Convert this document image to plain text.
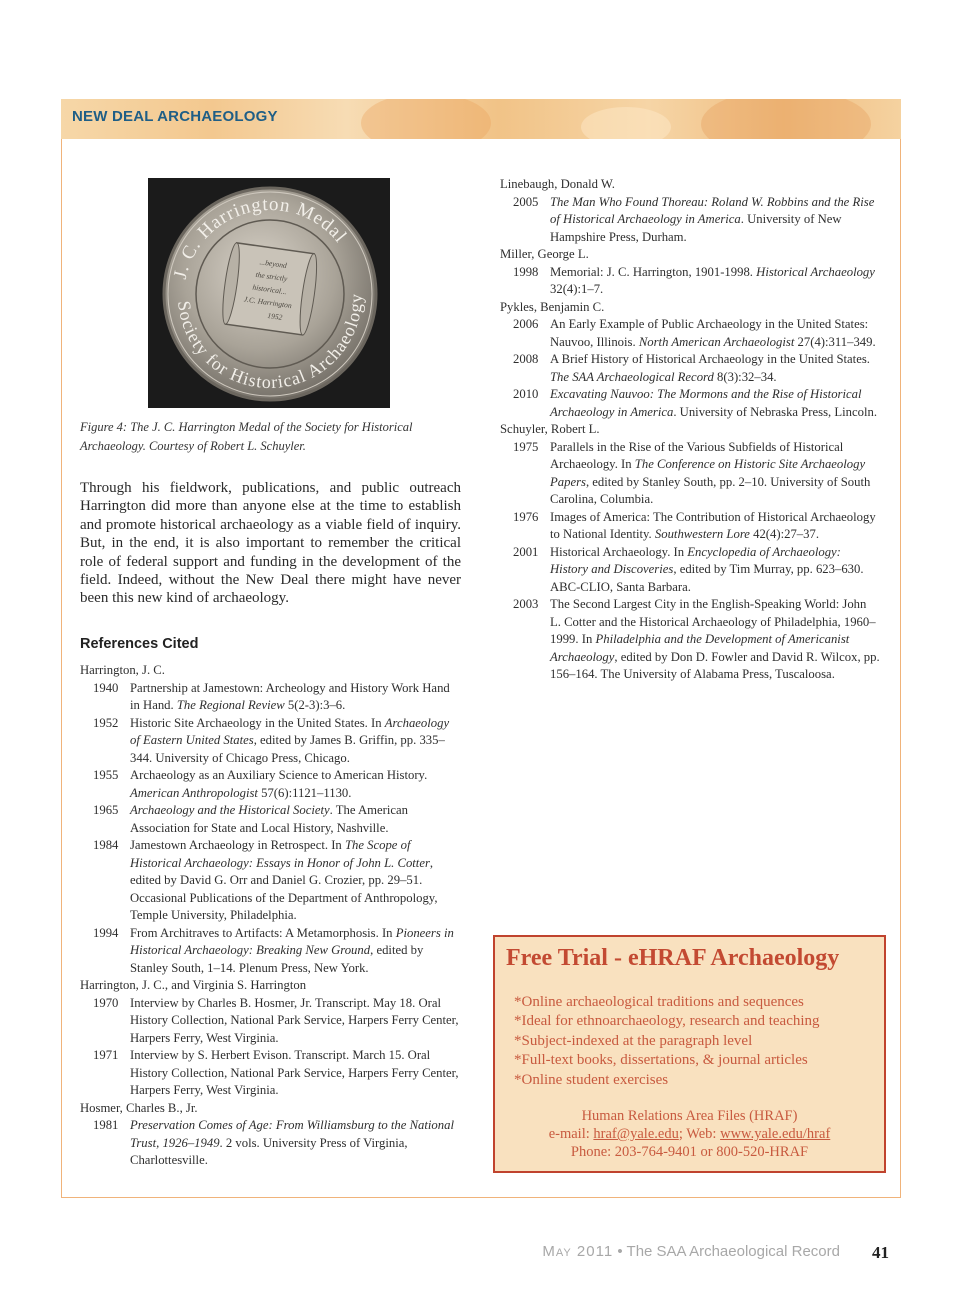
NEW DEAL ARCHAEOLOGY
J. C. Harrington Medal
Society for Historical Archaeology
...beyond
the strictly
historical...
J.C. Harrington
1952
Figure 4: The J. C. Harrington Medal of the Society for Historical Archaeology. Courtesy of Robert L. Schuyler.
Through his fieldwork, publications, and public outreach Harrington did more than anyone else at the time to establish and promote historical archaeology as a viable field of inquiry. But, in the end, it is also important to remember the critical role of federal support and funding in the development of the field. Indeed, without the New Deal there might have never been this new kind of archaeology.
References Cited
Harrington, J. C.
1940 Partnership at Jamestown: Archeology and History Work Hand in Hand. The Regional Review 5(2-3):3–6.
1952 Historic Site Archaeology in the United States. In Archaeology of Eastern United States, edited by James B. Griffin, pp. 335–344. University of Chicago Press, Chicago.
1955 Archaeology as an Auxiliary Science to American History. American Anthropologist 57(6):1121–1130.
1965 Archaeology and the Historical Society. The American Association for State and Local History, Nashville.
1984 Jamestown Archaeology in Retrospect. In The Scope of Historical Archaeology: Essays in Honor of John L. Cotter, edited by David G. Orr and Daniel G. Crozier, pp. 29–51. Occasional Publications of the Department of Anthropology, Temple University, Philadelphia.
1994 From Architraves to Artifacts: A Metamorphosis. In Pioneers in Historical Archaeology: Breaking New Ground, edited by Stanley South, 1–14. Plenum Press, New York.
Harrington, J. C., and Virginia S. Harrington
1970 Interview by Charles B. Hosmer, Jr. Transcript. May 18. Oral History Collection, National Park Service, Harpers Ferry Center, Harpers Ferry, West Virginia.
1971 Interview by S. Herbert Evison. Transcript. March 15. Oral History Collection, National Park Service, Harpers Ferry Center, Harpers Ferry, West Virginia.
Hosmer, Charles B., Jr.
1981 Preservation Comes of Age: From Williamsburg to the National Trust, 1926–1949. 2 vols. University Press of Virginia, Charlottesville.
Linebaugh, Donald W.
2005 The Man Who Found Thoreau: Roland W. Robbins and the Rise of Historical Archaeology in America. University of New Hampshire Press, Durham.
Miller, George L.
1998 Memorial: J. C. Harrington, 1901-1998. Historical Archaeology 32(4):1–7.
Pykles, Benjamin C.
2006 An Early Example of Public Archaeology in the United States: Nauvoo, Illinois. North American Archaeologist 27(4):311–349.
2008 A Brief History of Historical Archaeology in the United States. The SAA Archaeological Record 8(3):32–34.
2010 Excavating Nauvoo: The Mormons and the Rise of Historical Archaeology in America. University of Nebraska Press, Lincoln.
Schuyler, Robert L.
1975 Parallels in the Rise of the Various Subfields of Historical Archaeology. In The Conference on Historic Site Archaeology Papers, edited by Stanley South, pp. 2–10. University of South Carolina, Columbia.
1976 Images of America: The Contribution of Historical Archaeology to National Identity. Southwestern Lore 42(4):27–37.
2001 Historical Archaeology. In Encyclopedia of Archaeology: History and Discoveries, edited by Tim Murray, pp. 623–630. ABC-CLIO, Santa Barbara.
2003 The Second Largest City in the English-Speaking World: John L. Cotter and the Historical Archaeology of Philadelphia, 1960–1999. In Philadelphia and the Development of Americanist Archaeology, edited by Don D. Fowler and David R. Wilcox, pp. 156–164. The University of Alabama Press, Tuscaloosa.
Free Trial - eHRAF Archaeology
*Online archaeological traditions and sequences
*Ideal for ethnoarchaeology, research and teaching
*Subject-indexed at the paragraph level
*Full-text books, dissertations, & journal articles
*Online student exercises
Human Relations Area Files (HRAF)
e-mail: hraf@yale.edu; Web: www.yale.edu/hraf
Phone: 203-764-9401 or 800-520-HRAF
May 2011 • The SAA Archaeological Record 41
